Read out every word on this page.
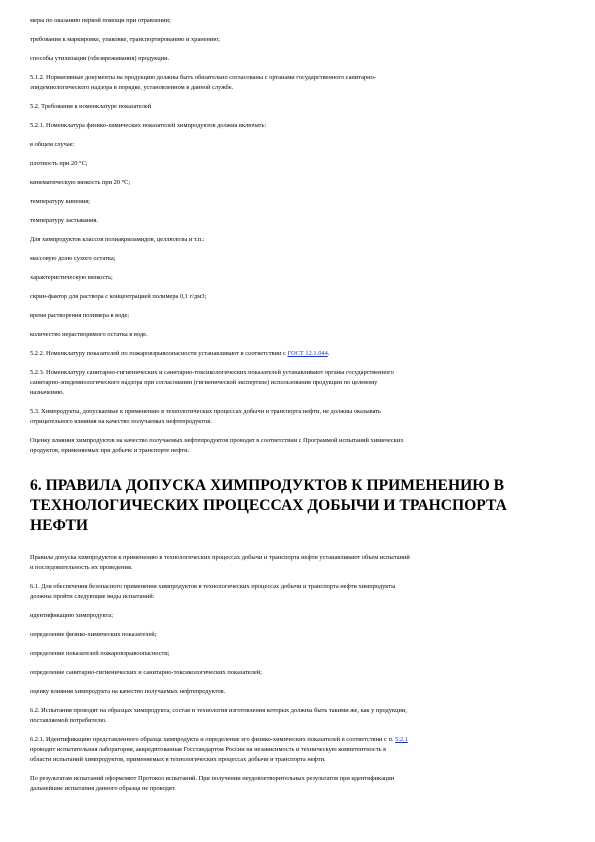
меры по оказанию первой помощи при отравлении;

требования к маркировке, упаковке, транспортированию и хранению;

способы утилизации (обезвреживания) продукции.

5.1.2. Нормативные документы на продукцию должны быть обязательно согласованы с органами государственного санитарно-

эпидемиологического надзора в порядке, установленном в данной службе.

5.2. Требования к номенклатуре показателей

5.2.1. Номенклатура физико-химических показателей химпродуктов должна включать:

в общем случае:

плотность при 20 °С;

кинематическую вязкость при 20 °С;

температуру кипения;

температуру застывания.

Для химпродуктов классов полиакриламидов, целлюлозы и т.п.:

массовую долю сухого остатка;

характеристическую вязкость;

скрин-фактор для раствора с концентрацией полимера 0,1 г/дм3;

время растворения полимера в воде;

количество нерастворимого остатка в воде.

5.2.2. Номенклатуру показателей по пожаровзрывоопасности устанавливают в соответствии с ГОСТ 12.1.044.

5.2.3. Номенклатуру санитарно-гигиенических и санитарно-токсикологических показателей устанавливают органы государственного

санитарно-эпидемиологического надзора при согласовании (гигиенической экспертизе) использования продукции по целевому

назначению.

5.3. Химпродукты, допускаемые к применению в технологических процессах добычи и транспорта нефти, не должны оказывать

отрицательного влияния на качество получаемых нефтепродуктов.

Оценку влияния химпродуктов на качество получаемых нефтепродуктов проводят в соответствии с Программой испытаний химических

продуктов, применяемых при добыче и транспорте нефти.

6. ПРАВИЛА ДОПУСКА ХИМПРОДУКТОВ К ПРИМЕНЕНИЮ В
ТЕХНОЛОГИЧЕСКИХ ПРОЦЕССАХ ДОБЫЧИ И ТРАНСПОРТА
НЕФТИ

Правила допуска химпродуктов к применению в технологических процессах добычи и транспорта нефти устанавливают объем испытаний

и последовательность их проведения.

6.1. Для обеспечения безопасного применения химпродуктов в технологических процессах добычи и транспорта нефти химпродукты

должны пройти следующие виды испытаний:

идентификацию химпродукта;

определение физико-химических показателей;

определение показателей пожаровзрывоопасности;

определение санитарно-гигиенических и санитарно-токсикологических показателей;

оценку влияния химпродукта на качество получаемых нефтепродуктов.

6.2. Испытания проводят на образцах химпродукта, состав и технология изготовления которых должны быть такими же, как у продукции,

поставляемой потребителю.

6.2.1. Идентификацию представленного образца химпродукта и определение его физико-химических показателей в соответствии с п. 5.2.1

проводит испытательная лаборатория, аккредитованная Госстандартом России на независимость и техническую компетентность в

области испытаний химпродуктов, применяемых в технологических процессах добычи и транспорта нефти.

По результатам испытаний оформляют Протокол испытаний. При получении неудовлетворительных результатов при идентификации

дальнейшие испытания данного образца не проводят.
